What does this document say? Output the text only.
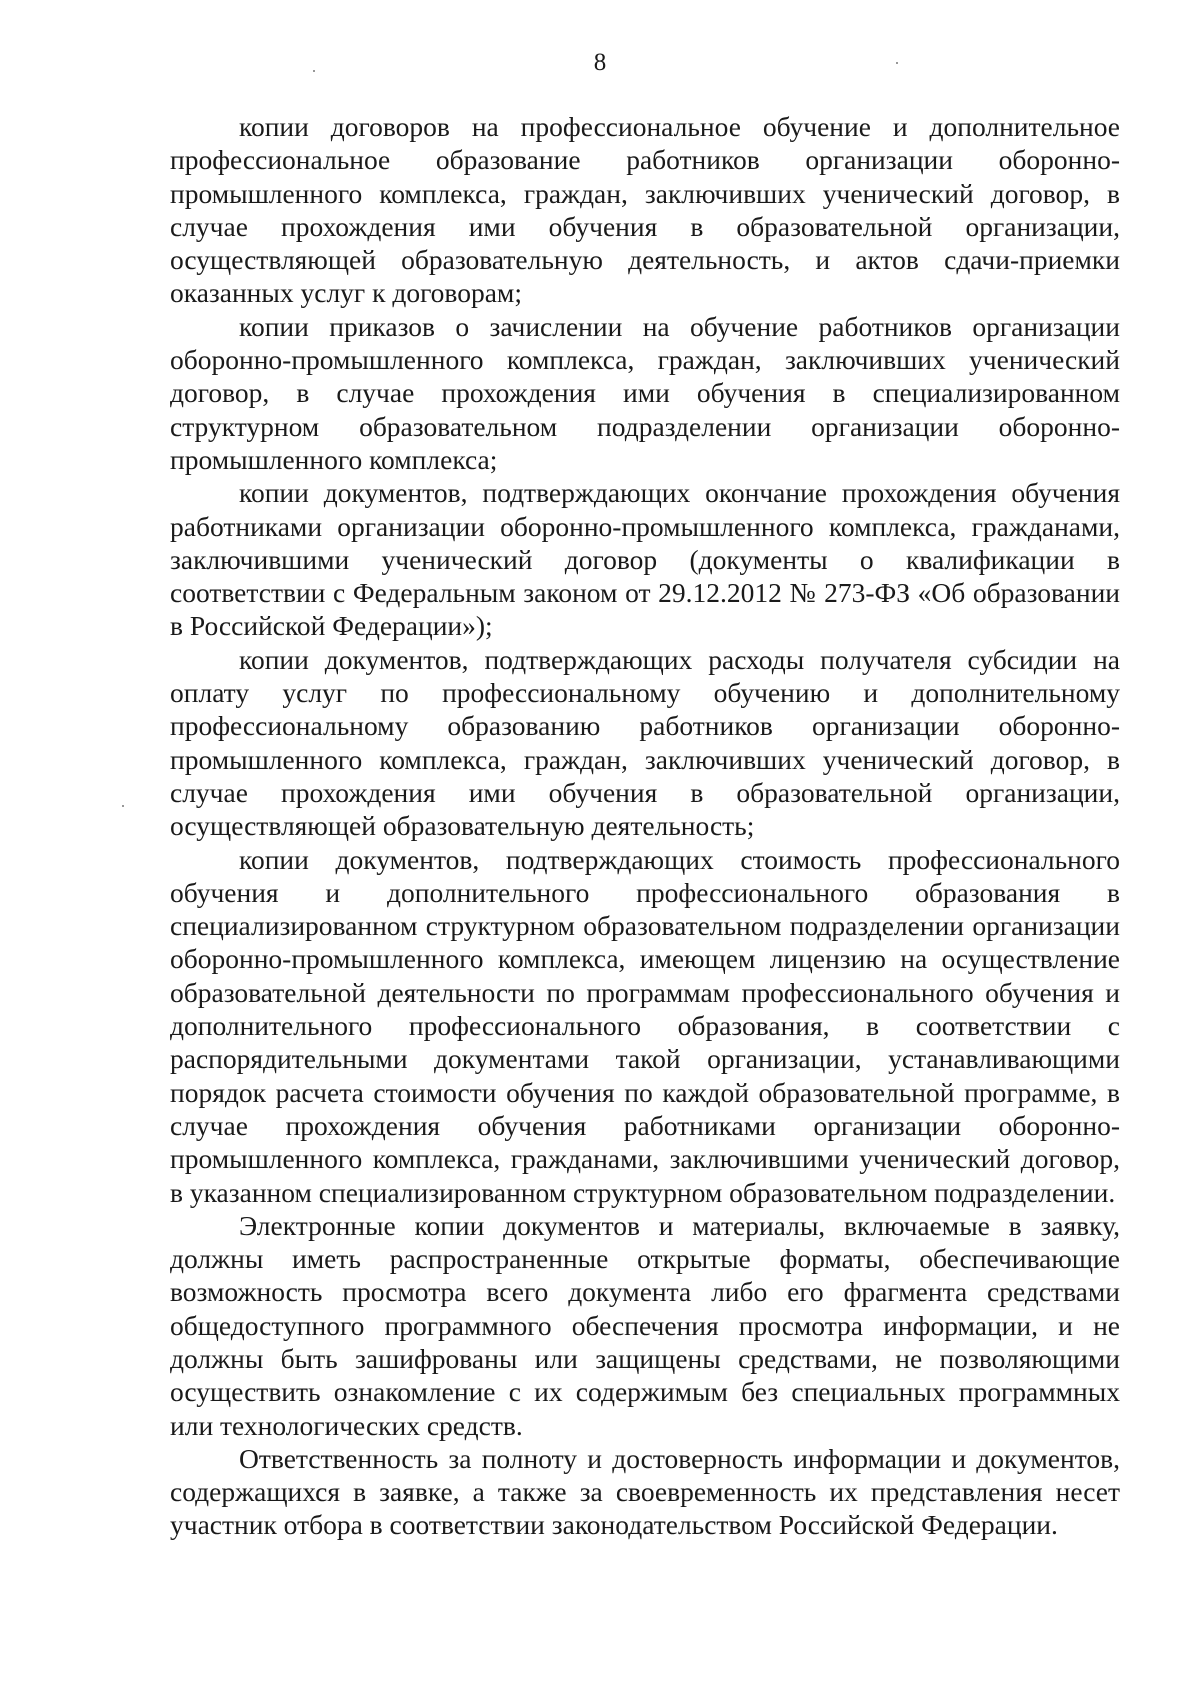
8

копии договоров на профессиональное обучение и дополнительное профессиональное образование работников организации оборонно-промышленного комплекса, граждан, заключивших ученический договор, в случае прохождения ими обучения в образовательной организации, осуществляющей образовательную деятельность, и актов сдачи-приемки оказанных услуг к договорам;

копии приказов о зачислении на обучение работников организации оборонно-промышленного комплекса, граждан, заключивших ученический договор, в случае прохождения ими обучения в специализированном структурном образовательном подразделении организации оборонно-промышленного комплекса;

копии документов, подтверждающих окончание прохождения обучения работниками организации оборонно-промышленного комплекса, гражданами, заключившими ученический договор (документы о квалификации в соответствии с Федеральным законом от 29.12.2012 № 273-ФЗ «Об образовании в Российской Федерации»);

копии документов, подтверждающих расходы получателя субсидии на оплату услуг по профессиональному обучению и дополнительному профессиональному образованию работников организации оборонно-промышленного комплекса, граждан, заключивших ученический договор, в случае прохождения ими обучения в образовательной организации, осуществляющей образовательную деятельность;

копии документов, подтверждающих стоимость профессионального обучения и дополнительного профессионального образования в специализированном структурном образовательном подразделении организации оборонно-промышленного комплекса, имеющем лицензию на осуществление образовательной деятельности по программам профессионального обучения и дополнительного профессионального образования, в соответствии с распорядительными документами такой организации, устанавливающими порядок расчета стоимости обучения по каждой образовательной программе, в случае прохождения обучения работниками организации оборонно-промышленного комплекса, гражданами, заключившими ученический договор, в указанном специализированном структурном образовательном подразделении.

Электронные копии документов и материалы, включаемые в заявку, должны иметь распространенные открытые форматы, обеспечивающие возможность просмотра всего документа либо его фрагмента средствами общедоступного программного обеспечения просмотра информации, и не должны быть зашифрованы или защищены средствами, не позволяющими осуществить ознакомление с их содержимым без специальных программных или технологических средств.

Ответственность за полноту и достоверность информации и документов, содержащихся в заявке, а также за своевременность их представления несет участник отбора в соответствии законодательством Российской Федерации.
